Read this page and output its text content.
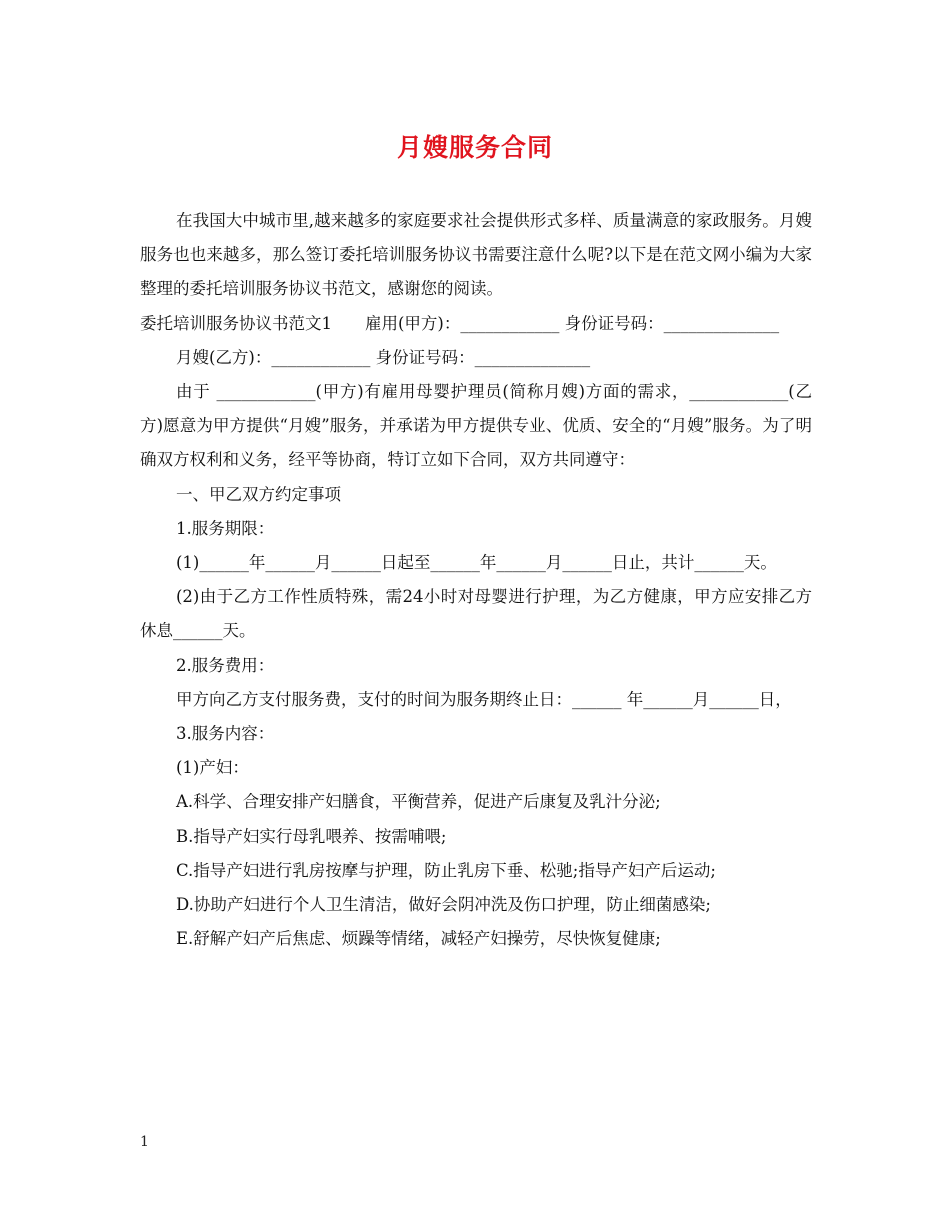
月嫂服务合同

在我国大中城市里,越来越多的家庭要求社会提供形式多样、质量满意的家政服务。月嫂服务也也来越多，那么签订委托培训服务协议书需要注意什么呢?以下是在范文网小编为大家整理的委托培训服务协议书范文，感谢您的阅读。

委托培训服务协议书范文1　　雇用(甲方)：____________ 身份证号码：______________

月嫂(乙方)：____________ 身份证号码：______________

由于 ____________(甲方)有雇用母婴护理员(简称月嫂)方面的需求，____________(乙方)愿意为甲方提供“月嫂”服务，并承诺为甲方提供专业、优质、安全的“月嫂”服务。为了明确双方权利和义务，经平等协商，特订立如下合同，双方共同遵守：

一、甲乙双方约定事项

1.服务期限：

(1)______年______月______日起至______年______月______日止，共计______天。

(2)由于乙方工作性质特殊，需24小时对母婴进行护理，为乙方健康，甲方应安排乙方休息______天。

2.服务费用：

甲方向乙方支付服务费，支付的时间为服务期终止日：______ 年______月______日，

3.服务内容：

(1)产妇：

A.科学、合理安排产妇膳食，平衡营养，促进产后康复及乳汁分泌;

B.指导产妇实行母乳喂养、按需哺喂;

C.指导产妇进行乳房按摩与护理，防止乳房下垂、松驰;指导产妇产后运动;

D.协助产妇进行个人卫生清洁，做好会阴冲洗及伤口护理，防止细菌感染;

E.舒解产妇产后焦虑、烦躁等情绪，减轻产妇操劳，尽快恢复健康;

1
